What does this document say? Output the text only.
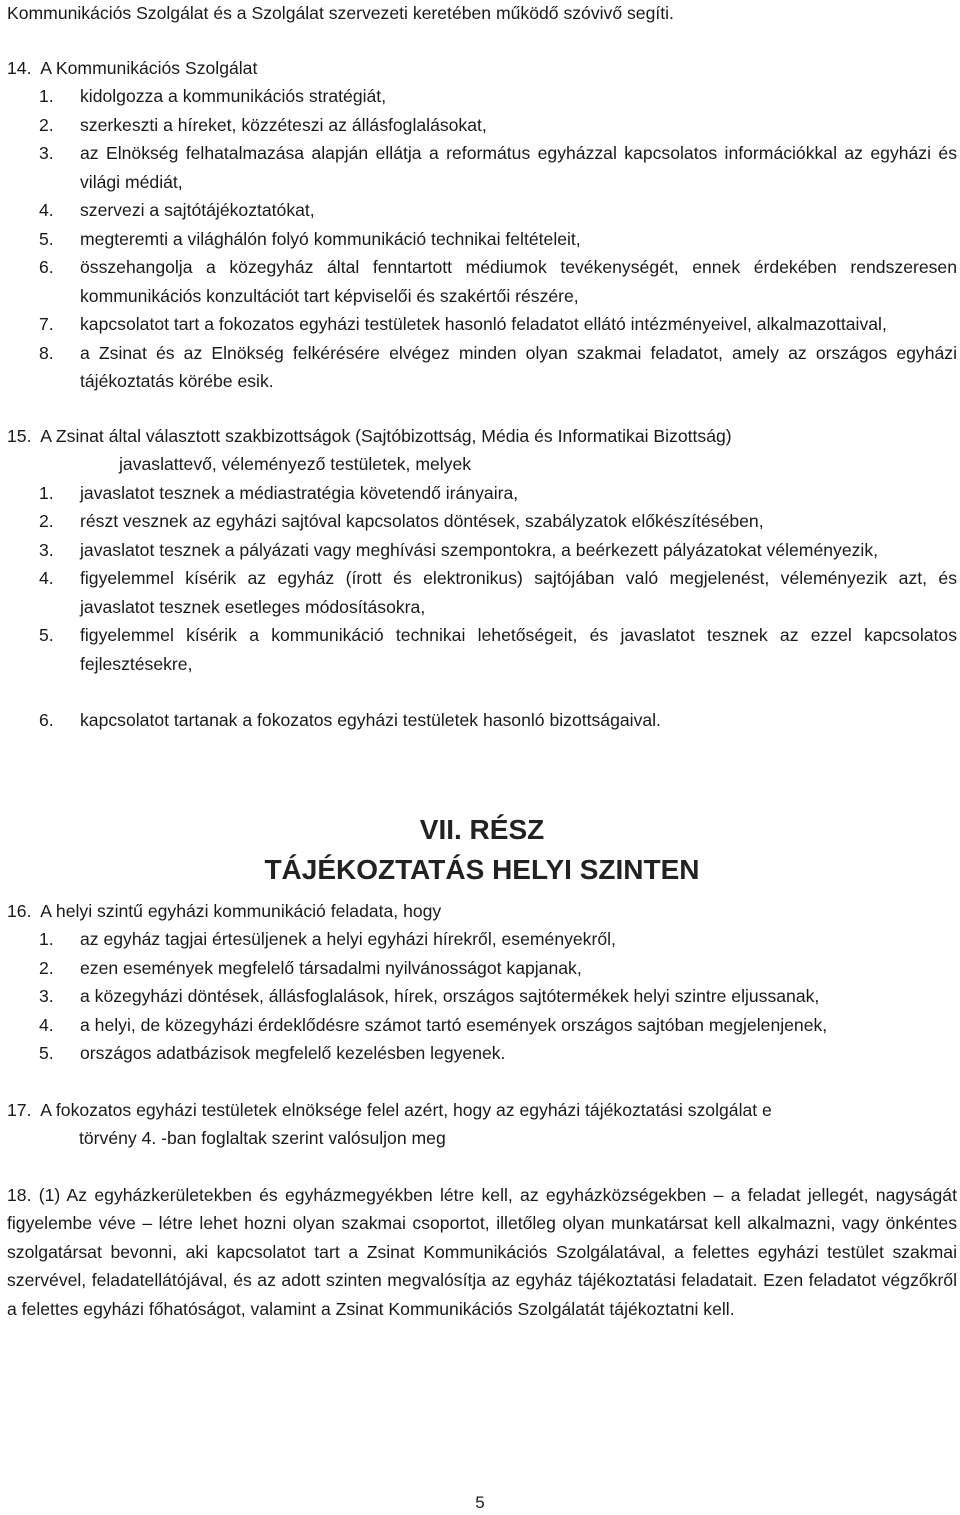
Kommunikációs Szolgálat és a Szolgálat szervezeti keretében működő szóvivő segíti.

14.  A Kommunikációs Szolgálat

1.	kidolgozza a kommunikációs stratégiát,
2.	szerkeszti a híreket, közzéteszi az állásfoglalásokat,
3.	az Elnökség felhatalmazása alapján ellátja a református egyházzal kapcsolatos információkkal az egyházi és világi médiát,
4.	szervezi a sajtótájékoztatókat,
5.	megteremti a világhálón folyó kommunikáció technikai feltételeit,
6.	összehangolja a közegyház által fenntartott médiumok tevékenységét, ennek érdekében rendszeresen kommunikációs konzultációt tart képviselői és szakértői részére,
7.	kapcsolatot tart a fokozatos egyházi testületek hasonló feladatot ellátó intézményeivel, alkalmazottaival,
8.	a Zsinat és az Elnökség felkérésére elvégez minden olyan szakmai feladatot, amely az országos egyházi tájékoztatás körébe esik.

15.  A Zsinat által választott szakbizottságok (Sajtóbizottság, Média és Informatikai Bizottság)

javaslattevő, véleményező testületek, melyek

1.	javaslatot tesznek a médiastratégia követendő irányaira,
2.	részt vesznek az egyházi sajtóval kapcsolatos döntések, szabályzatok előkészítésében,
3.	javaslatot tesznek a pályázati vagy meghívási szempontokra, a beérkezett pályázatokat véleményezik,
4.	figyelemmel kísérik az egyház (írott és elektronikus) sajtójában való megjelenést, véleményezik azt, és javaslatot tesznek esetleges módosításokra,
5.	figyelemmel kísérik a kommunikáció technikai lehetőségeit, és javaslatot tesznek az ezzel kapcsolatos fejlesztésekre,
6.	kapcsolatot tartanak a fokozatos egyházi testületek hasonló bizottságaival.
VII. RÉSZ
TÁJÉKOZTATÁS HELYI SZINTEN

16.  A helyi szintű egyházi kommunikáció feladata, hogy

1.	az egyház tagjai értesüljenek a helyi egyházi hírekről, eseményekről,
2.	ezen események megfelelő társadalmi nyilvánosságot kapjanak,
3.	a közegyházi döntések, állásfoglalások, hírek, országos sajtótermékek helyi szintre eljussanak,
4.	a helyi, de közegyházi érdeklődésre számot tartó események országos sajtóban megjelenjenek,
5.	országos adatbázisok megfelelő kezelésben legyenek.

17.  A fokozatos egyházi testületek elnöksége felel azért, hogy az egyházi tájékoztatási szolgálat e

törvény 4. -ban foglaltak szerint valósuljon meg

18. (1) Az egyházkerületekben és egyházmegyékben létre kell, az egyházközségekben – a feladat jellegét, nagyságát figyelembe véve – létre lehet hozni olyan szakmai csoportot, illetőleg olyan munkatársat kell alkalmazni, vagy önkéntes szolgatársat bevonni, aki kapcsolatot tart a Zsinat Kommunikációs Szolgálatával, a felettes egyházi testület szakmai szervével, feladatellátójával, és az adott szinten megvalósítja az egyház tájékoztatási feladatait. Ezen feladatot végzőkről a felettes egyházi főhatóságot, valamint a Zsinat Kommunikációs Szolgálatát tájékoztatni kell.

5
